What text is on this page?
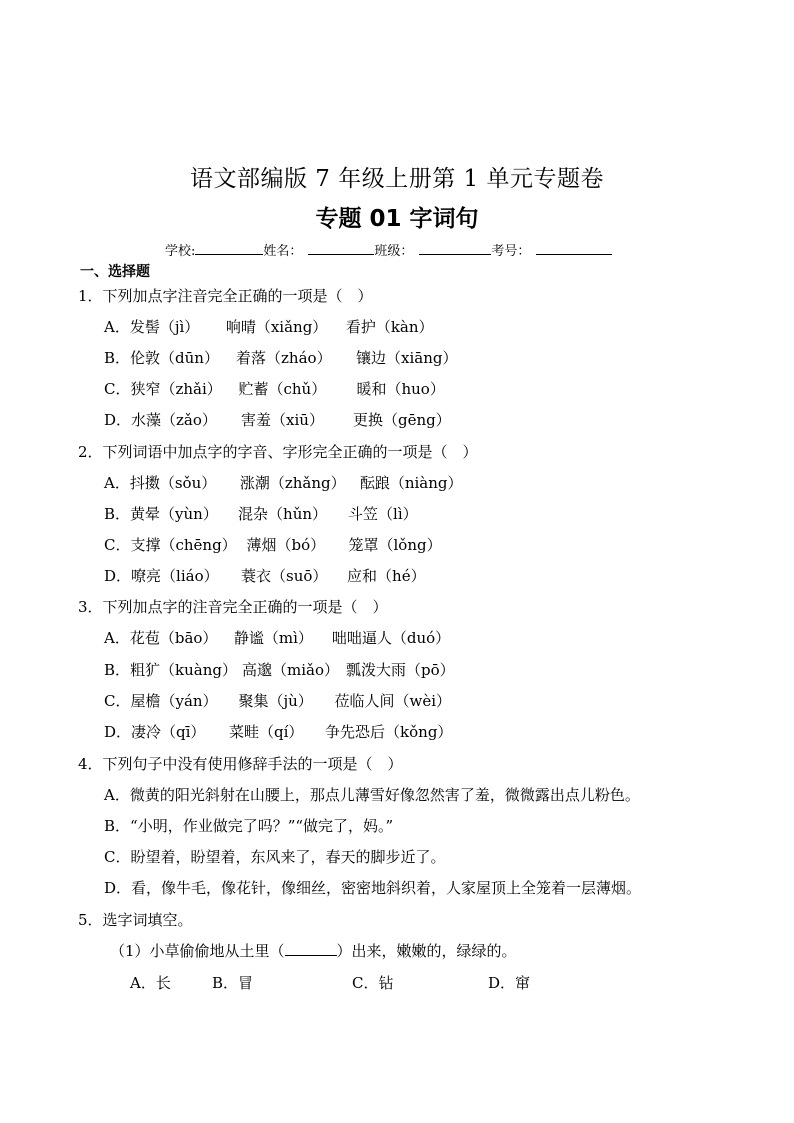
语文部编版 7 年级上册第 1 单元专题卷
专题 01 字词句
学校:	姓名：	班级：	考号：
一、选择题
1．下列加点字注音完全正确的一项是（　）
A．发髻（jì） 响晴（xiǎng） 看护（kàn）
B．伦敦（dūn） 着落（zháo） 镶边（xiāng）
C．狭窄（zhǎi） 贮蓄（chǔ） 暖和（huo）
D．水藻（zǎo） 害羞（xiū） 更换（gēng）
2．下列词语中加点字的字音、字形完全正确的一项是（　）
A．抖擞（sǒu） 涨潮（zhǎng） 酝踉（niàng）
B．黄晕（yùn） 混杂（hǔn） 斗笠（lì）
C．支撑（chēng） 薄烟（bó） 笼罩（lǒng）
D．嘹亮（liáo） 蓑衣（suō） 应和（hé）
3．下列加点字的注音完全正确的一项是（　）
A．花苞（bāo） 静谧（mì） 咄咄逼人（duó）
B．粗犷（kuàng） 高邈（miǎo） 瓢泼大雨（pō）
C．屋檐（yán） 聚集（jù） 莅临人间（wèi）
D．凄冷（qī） 菜畦（qí） 争先恐后（kǒng）
4．下列句子中没有使用修辞手法的一项是（　）
A．微黄的阳光斜射在山腰上，那点儿薄雪好像忽然害了羞，微微露出点儿粉色。
B．“小明，作业做完了吗？”“做完了，妈。”
C．盼望着，盼望着，东风来了，春天的脚步近了。
D．看，像牛毛，像花针，像细丝，密密地斜织着，人家屋顶上全笼着一层薄烟。
5．选字词填空。
（1）小草偷偷地从土里（	）出来，嫩嫩的，绿绿的。
A．长	B．冒	C．钻	D．窜
